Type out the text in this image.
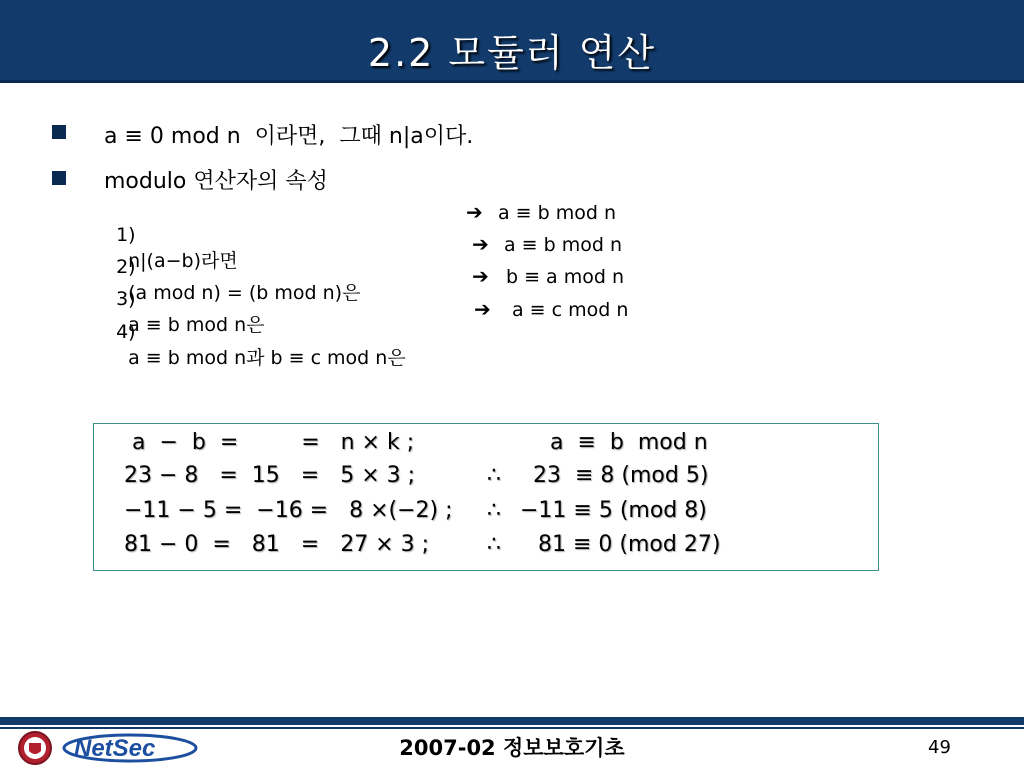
2.2 모듈러 연산
a ≡ 0 mod n  이라면,  그때 n|a이다.
modulo 연산자의 속성

1)
n|(a−b)라면

➔ a ≡ b mod n

2)
(a mod n) = (b mod n)은

➔ a ≡ b mod n

3)
a ≡ b mod n은

➔ b ≡ a mod n

4)
a ≡ b mod n과 b ≡ c mod n은

➔ a ≡ c mod n
a  −  b  =         =   n × k ;	a  ≡  b  mod n
23 − 8   =  15   =   5 × 3 ;	∴ 23  ≡ 8 (mod 5)
−11 − 5 =  −16 =   8 ×(−2) ; ∴ −11 ≡ 5 (mod 8)
81 − 0  =   81   =   27 × 3 ;	∴ 81 ≡ 0 (mod 27)
NetSec	2007-02 정보보호기초	49
